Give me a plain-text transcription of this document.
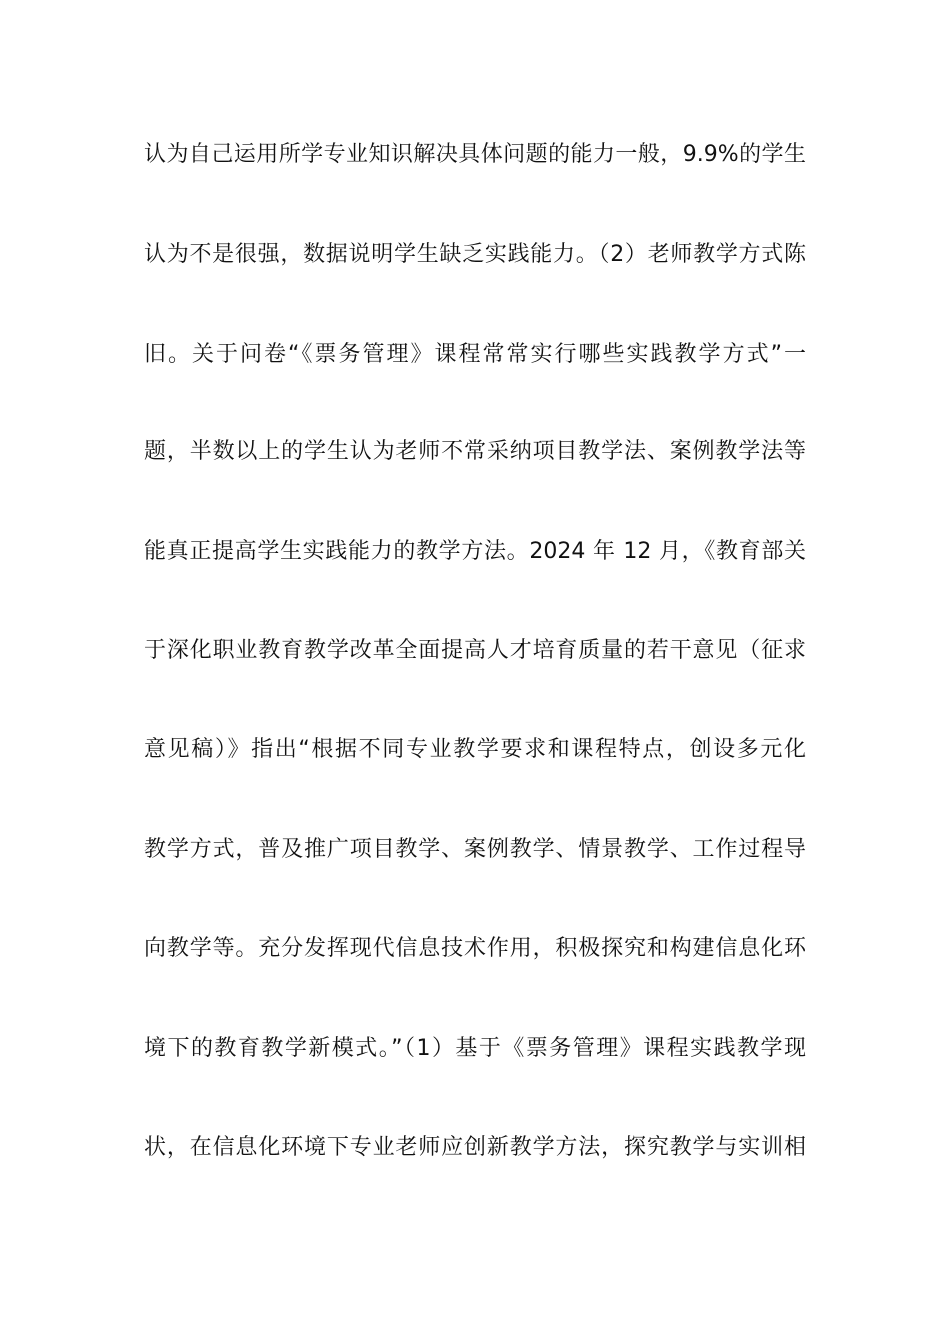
认为自己运用所学专业知识解决具体问题的能力一般，9.9%的学生
认为不是很强，数据说明学生缺乏实践能力。（2）老师教学方式陈
旧。关于问卷“《票务管理》课程常常实行哪些实践教学方式”一
题，半数以上的学生认为老师不常采纳项目教学法、案例教学法等
能真正提高学生实践能力的教学方法。2024 年 12 月，《教育部关
于深化职业教育教学改革全面提高人才培育质量的若干意见（征求
意见稿）》指出“根据不同专业教学要求和课程特点，创设多元化
教学方式，普及推广项目教学、案例教学、情景教学、工作过程导
向教学等。充分发挥现代信息技术作用，积极探究和构建信息化环
境下的教育教学新模式。”（1）基于《票务管理》课程实践教学现
状，在信息化环境下专业老师应创新教学方法，探究教学与实训相
